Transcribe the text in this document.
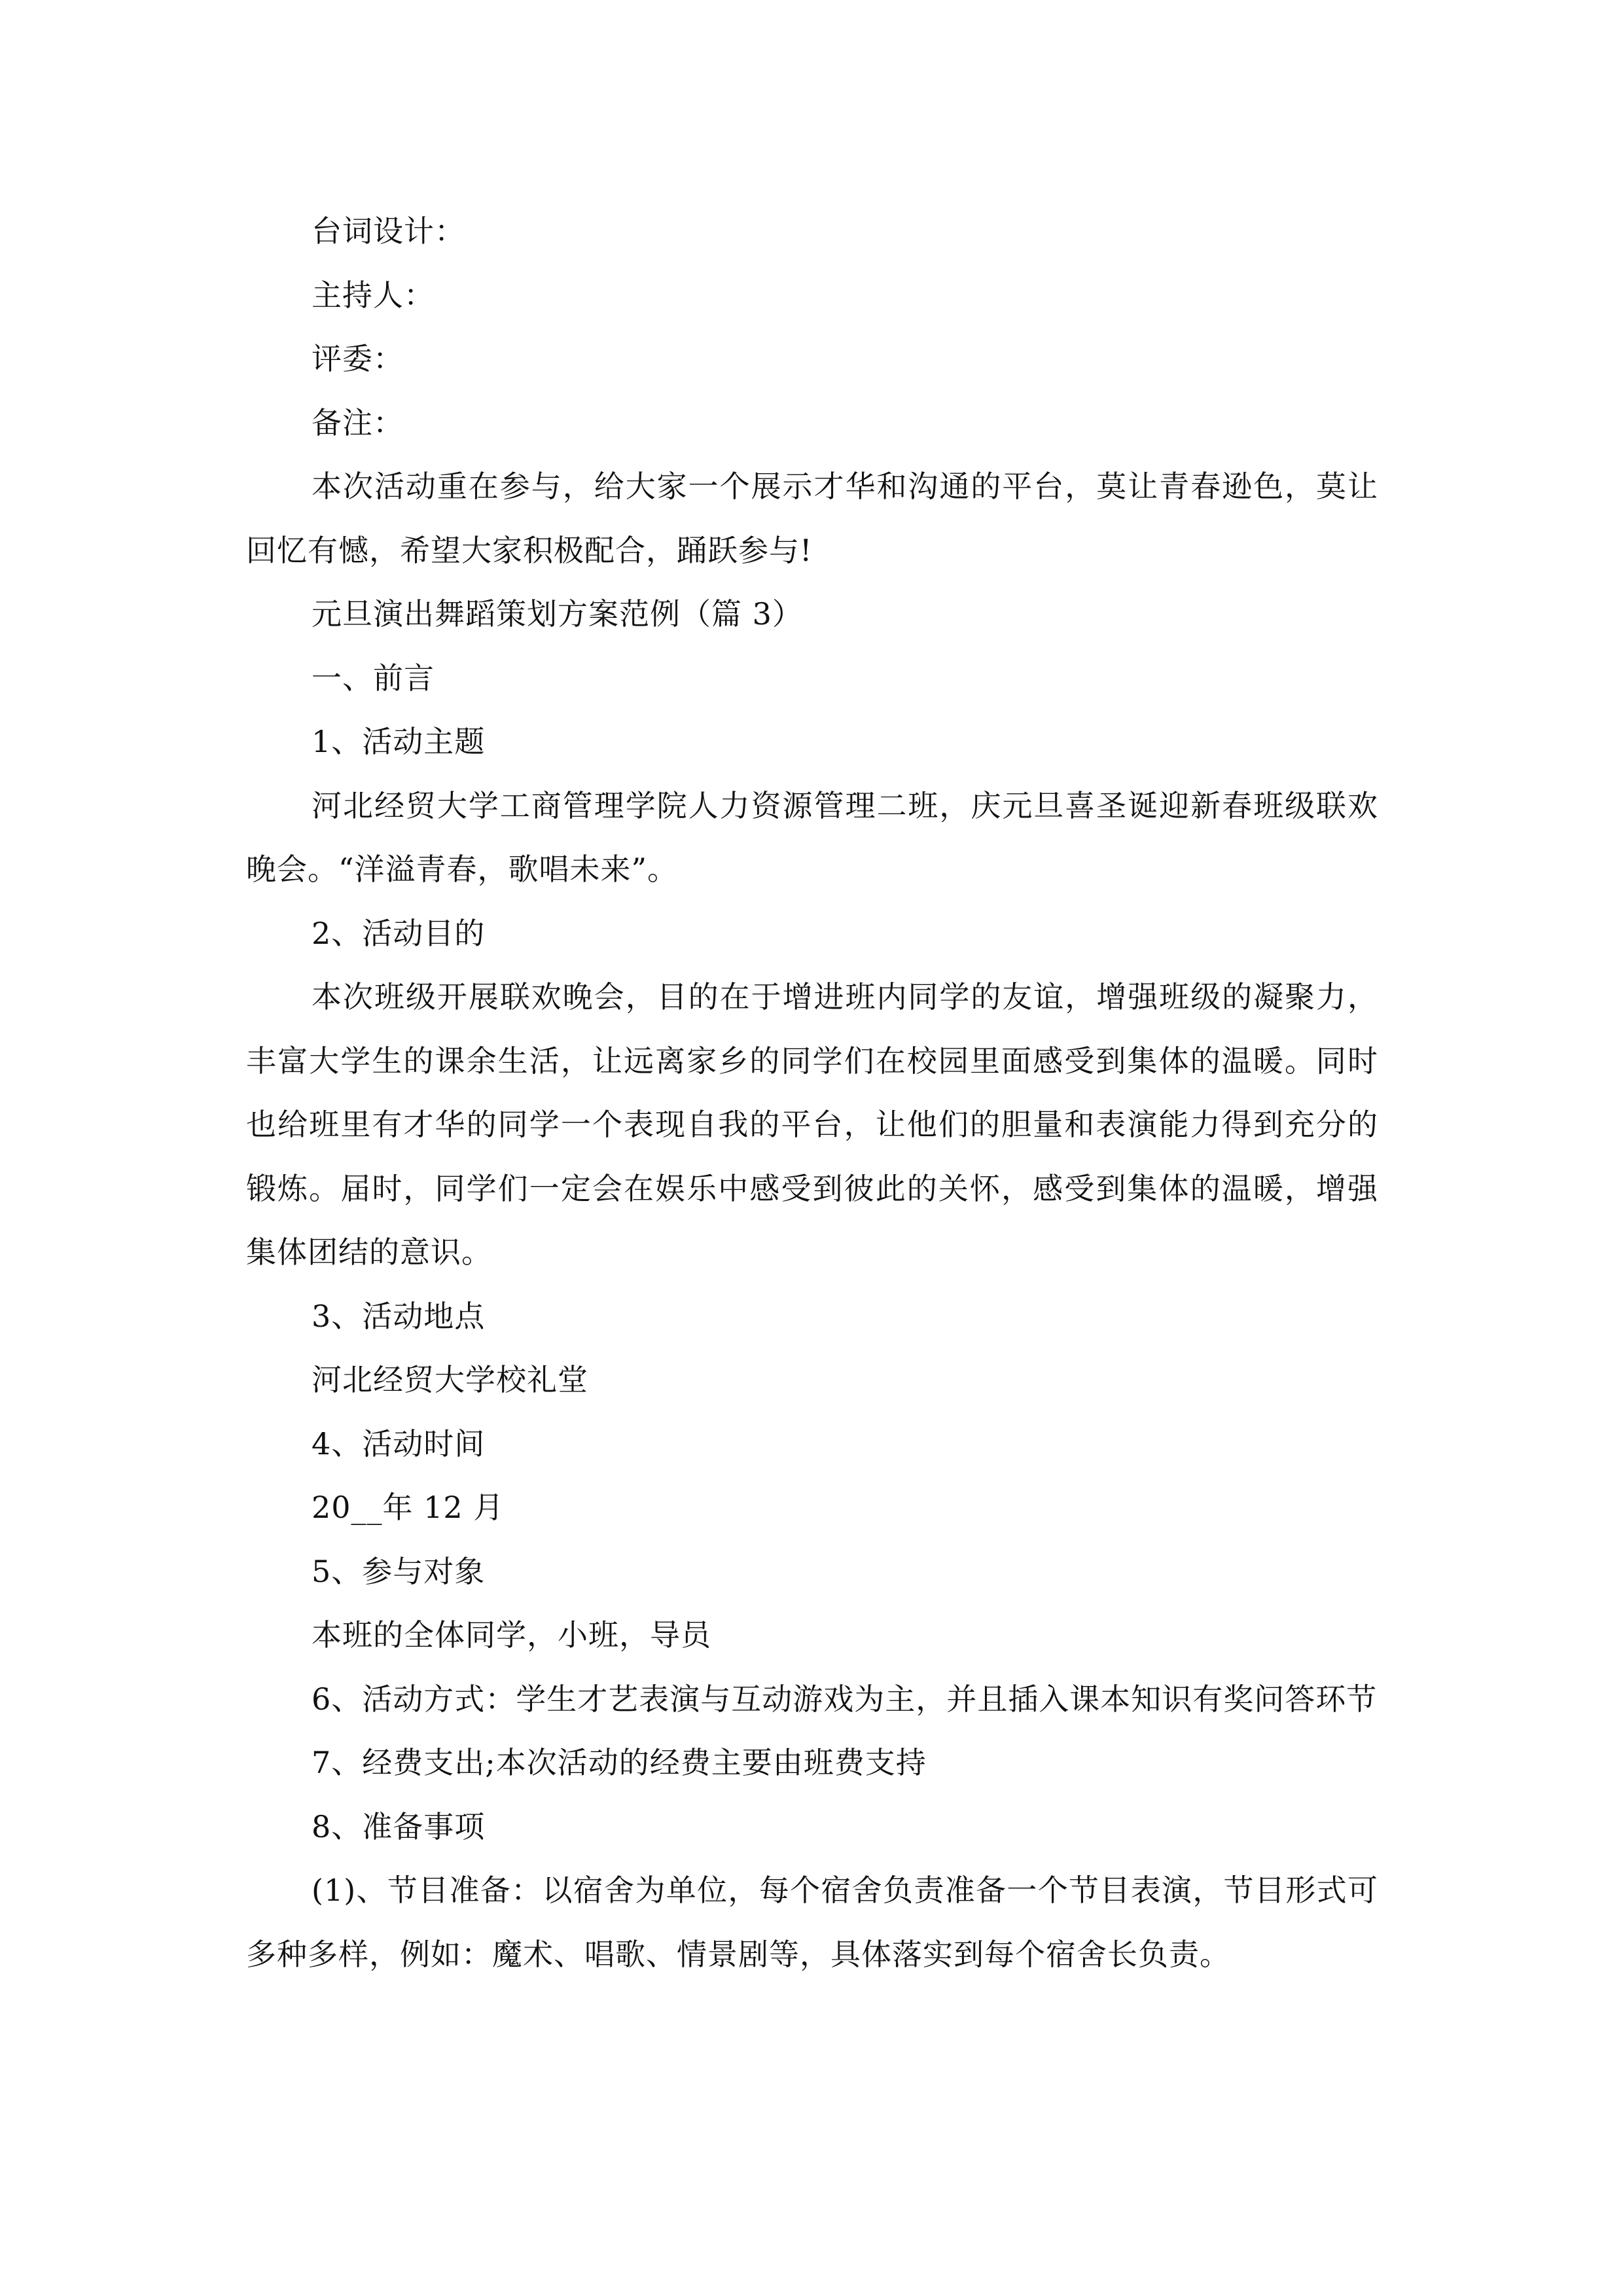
台词设计：

主持人：

评委：

备注：

本次活动重在参与，给大家一个展示才华和沟通的平台，莫让青春逊色，莫让回忆有憾，希望大家积极配合，踊跃参与!

元旦演出舞蹈策划方案范例（篇 3）

一、前言

1、活动主题

河北经贸大学工商管理学院人力资源管理二班，庆元旦喜圣诞迎新春班级联欢晚会。“洋溢青春，歌唱未来”。

2、活动目的

本次班级开展联欢晚会，目的在于增进班内同学的友谊，增强班级的凝聚力，丰富大学生的课余生活，让远离家乡的同学们在校园里面感受到集体的温暖。同时也给班里有才华的同学一个表现自我的平台，让他们的胆量和表演能力得到充分的锻炼。届时，同学们一定会在娱乐中感受到彼此的关怀，感受到集体的温暖，增强集体团结的意识。

3、活动地点

河北经贸大学校礼堂

4、活动时间

20__年 12 月

5、参与对象

本班的全体同学，小班，导员

6、活动方式：学生才艺表演与互动游戏为主，并且插入课本知识有奖问答环节

7、经费支出;本次活动的经费主要由班费支持

8、准备事项

(1)、节目准备：以宿舍为单位，每个宿舍负责准备一个节目表演，节目形式可多种多样，例如：魔术、唱歌、情景剧等，具体落实到每个宿舍长负责。
